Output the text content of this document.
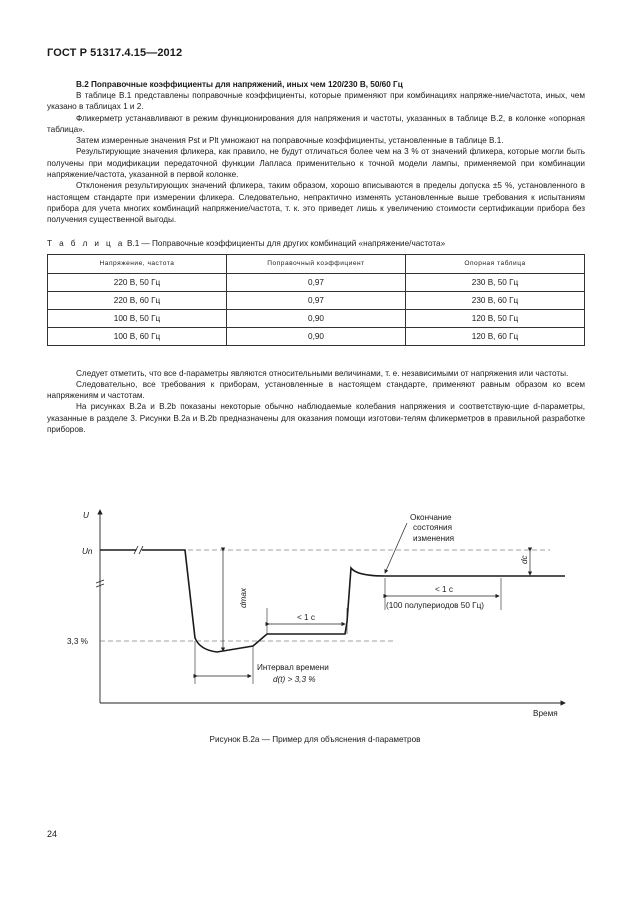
ГОСТ Р 51317.4.15—2012
B.2 Поправочные коэффициенты для напряжений, иных чем 120/230 В, 50/60 Гц

В таблице B.1 представлены поправочные коэффициенты, которые применяют при комбинациях напряже-ние/частота, иных, чем указано в таблицах 1 и 2.

Фликерметр устанавливают в режим функционирования для напряжения и частоты, указанных в таблице B.2, в колонке «опорная таблица».

Затем измеренные значения Pst и Plt умножают на поправочные коэффициенты, установленные в таблице B.1.

Результирующие значения фликера, как правило, не будут отличаться более чем на 3 % от значений фликера, которые могли быть получены при модификации передаточной функции Лапласа применительно к точной модели лампы, применяемой при комбинации напряжение/частота, указанной в первой колонке.

Отклонения результирующих значений фликера, таким образом, хорошо вписываются в пределы допуска ±5 %, установленного в настоящем стандарте при измерении фликера. Следовательно, непрактично изменять установленные выше требования к испытаниям прибора для учета многих комбинаций напряжение/частота, т. к. это приведет лишь к увеличению стоимости сертификации прибора без получения существенной выгоды.

Т а б л и ц а B.1 — Поправочные коэффициенты для других комбинаций «напряжение/частота»
Напряжение, частота	Поправочный коэффициент	Опорная таблица
220 В, 50 Гц	0,97	230 В, 50 Гц
220 В, 60 Гц	0,97	230 В, 60 Гц
100 В, 50 Гц	0,90	120 В, 50 Гц
100 В, 60 Гц	0,90	120 В, 60 Гц

Следует отметить, что все d-параметры являются относительными величинами, т. е. независимыми от напряжения или частоты.

Следовательно, все требования к приборам, установленные в настоящем стандарте, применяют равным образом ко всем напряжениям и частотам.

На рисунках B.2a и B.2b показаны некоторые обычно наблюдаемые колебания напряжения и соответствую-щие d-параметры, указанные в разделе 3. Рисунки B.2a и B.2b предназначены для оказания помощи изготови-телям фликерметров в правильной разработке приборов.

U
Время
Un
3,3 %
dmax
dc
Окончание
состояния
изменения
< 1 с
(100 полупериодов 50 Гц)
< 1 с
Интервал времени
d(t) > 3,3 %
Рисунок B.2a — Пример для объяснения d-параметров
24
